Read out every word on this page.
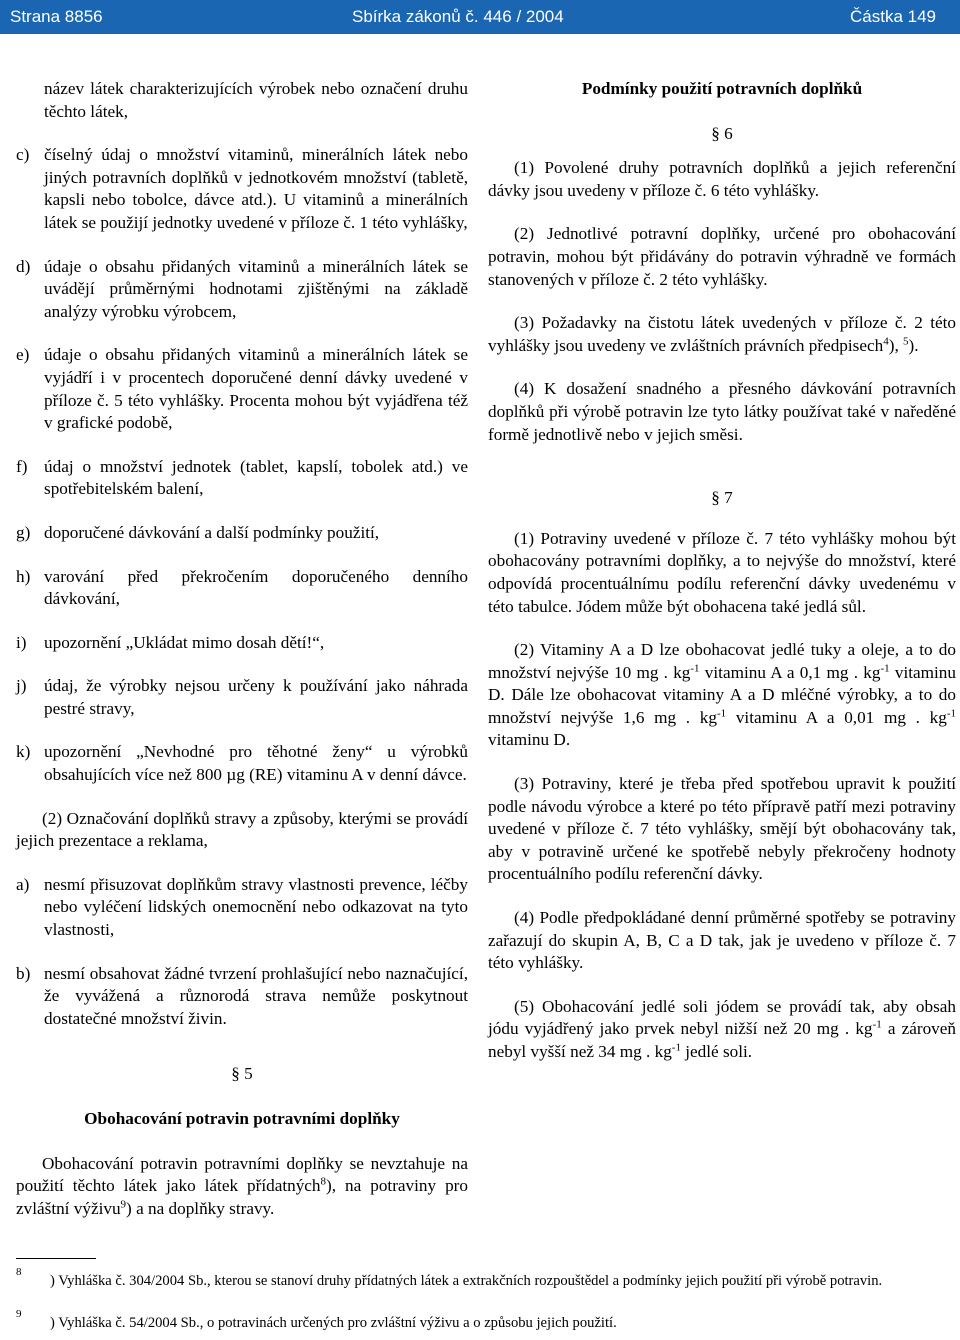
Strana 8856	Sbírka zákonů č. 446 / 2004	Částka 149

název látek charakterizujících výrobek nebo označení druhu těchto látek,

c) číselný údaj o množství vitaminů, minerálních látek nebo jiných potravních doplňků v jednotkovém množství (tabletě, kapsli nebo tobolce, dávce atd.). U vitaminů a minerálních látek se použijí jednotky uvedené v příloze č. 1 této vyhlášky,
d) údaje o obsahu přidaných vitaminů a minerálních látek se uvádějí průměrnými hodnotami zjištěnými na základě analýzy výrobku výrobcem,
e) údaje o obsahu přidaných vitaminů a minerálních látek se vyjádří i v procentech doporučené denní dávky uvedené v příloze č. 5 této vyhlášky. Procenta mohou být vyjádřena též v grafické podobě,
f) údaj o množství jednotek (tablet, kapslí, tobolek atd.) ve spotřebitelském balení,
g) doporučené dávkování a další podmínky použití,
h) varování před překročením doporučeného denního dávkování,
i) upozornění „Ukládat mimo dosah dětí!“,
j) údaj, že výrobky nejsou určeny k používání jako náhrada pestré stravy,
k) upozornění „Nevhodné pro těhotné ženy“ u výrobků obsahujících více než 800 µg (RE) vitaminu A v denní dávce.

(2) Označování doplňků stravy a způsoby, kterými se provádí jejich prezentace a reklama,

a) nesmí přisuzovat doplňkům stravy vlastnosti prevence, léčby nebo vyléčení lidských onemocnění nebo odkazovat na tyto vlastnosti,
b) nesmí obsahovat žádné tvrzení prohlašující nebo naznačující, že vyvážená a různorodá strava nemůže poskytnout dostatečné množství živin.
§ 5
Obohacování potravin potravními doplňky

Obohacování potravin potravními doplňky se nevztahuje na použití těchto látek jako látek přídatných$^8$), na potraviny pro zvláštní výživu$^9$) a na doplňky stravy.

Podmínky použití potravních doplňků
§ 6

(1) Povolené druhy potravních doplňků a jejich referenční dávky jsou uvedeny v příloze č. 6 této vyhlášky.

(2) Jednotlivé potravní doplňky, určené pro obohacování potravin, mohou být přidávány do potravin výhradně ve formách stanovených v příloze č. 2 této vyhlášky.

(3) Požadavky na čistotu látek uvedených v příloze č. 2 této vyhlášky jsou uvedeny ve zvláštních právních předpisech$^4$), $^5$).

(4) K dosažení snadného a přesného dávkování potravních doplňků při výrobě potravin lze tyto látky používat také v naředěné formě jednotlivě nebo v jejich směsi.

§ 7

(1) Potraviny uvedené v příloze č. 7 této vyhlášky mohou být obohacovány potravními doplňky, a to nejvýše do množství, které odpovídá procentuálnímu podílu referenční dávky uvedenému v této tabulce. Jódem může být obohacena také jedlá sůl.

(2) Vitaminy A a D lze obohacovat jedlé tuky a oleje, a to do množství nejvýše 10 mg . $kg^{-1}$ vitaminu A a 0,1 mg . $kg^{-1}$ vitaminu D. Dále lze obohacovat vitaminy A a D mléčné výrobky, a to do množství nejvýše 1,6 mg . $kg^{-1}$ vitaminu A a 0,01 mg . $kg^{-1}$ vitaminu D.

(3) Potraviny, které je třeba před spotřebou upravit k použití podle návodu výrobce a které po této přípravě patří mezi potraviny uvedené v příloze č. 7 této vyhlášky, smějí být obohacovány tak, aby v potravině určené ke spotřebě nebyly překročeny hodnoty procentuálního podílu referenční dávky.

(4) Podle předpokládané denní průměrné spotřeby se potraviny zařazují do skupin A, B, C a D tak, jak je uvedeno v příloze č. 7 této vyhlášky.

(5) Obohacování jedlé soli jódem se provádí tak, aby obsah jódu vyjádřený jako prvek nebyl nižší než 20 mg . $kg^{-1}$ a zároveň nebyl vyšší než 34 mg . $kg^{-1}$ jedlé soli.

8
) Vyhláška č. 304/2004 Sb., kterou se stanoví druhy přídatných látek a extrakčních rozpouštědel a podmínky jejich použití při výrobě potravin.
9
) Vyhláška č. 54/2004 Sb., o potravinách určených pro zvláštní výživu a o způsobu jejich použití.
